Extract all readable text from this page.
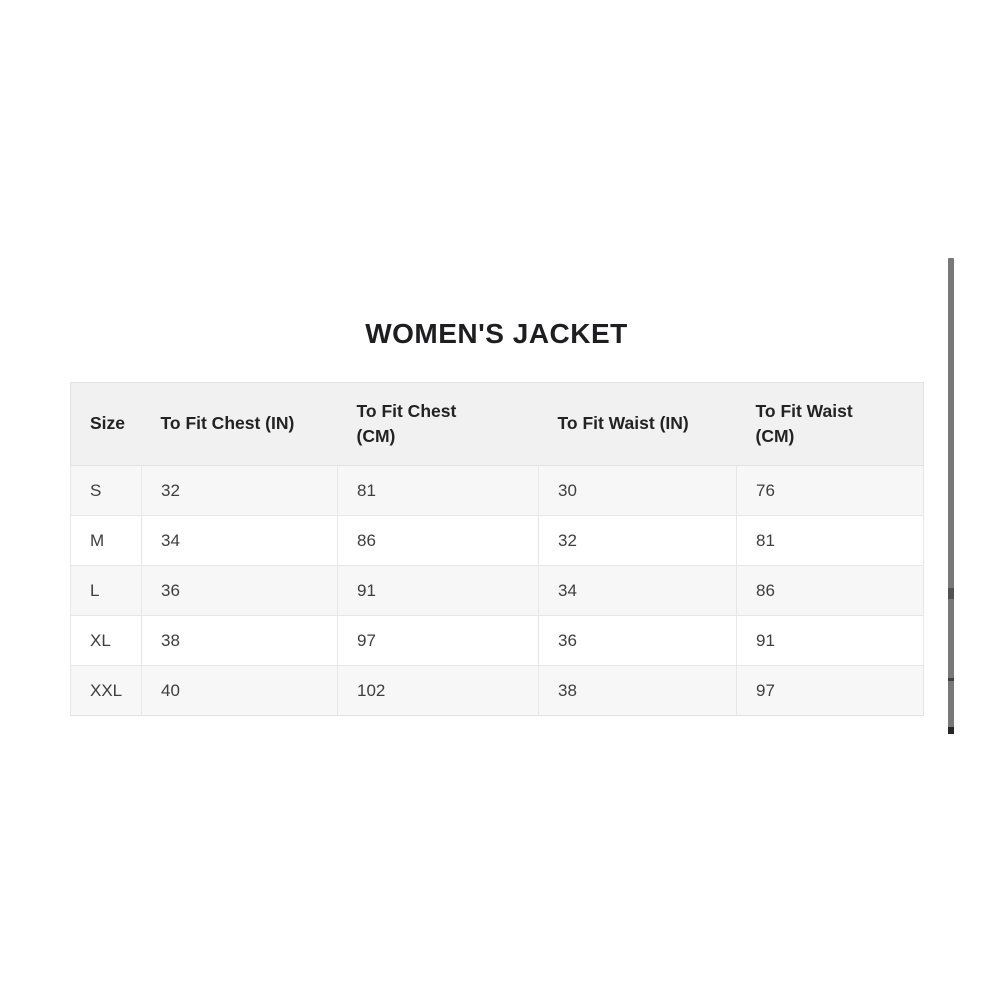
WOMEN'S JACKET
Size	To Fit Chest (IN)	To Fit Chest (CM)	To Fit Waist (IN)	To Fit Waist (CM)

S	32	81	30	76
M	34	86	32	81
L	36	91	34	86
XL	38	97	36	91
XXL	40	102	38	97
